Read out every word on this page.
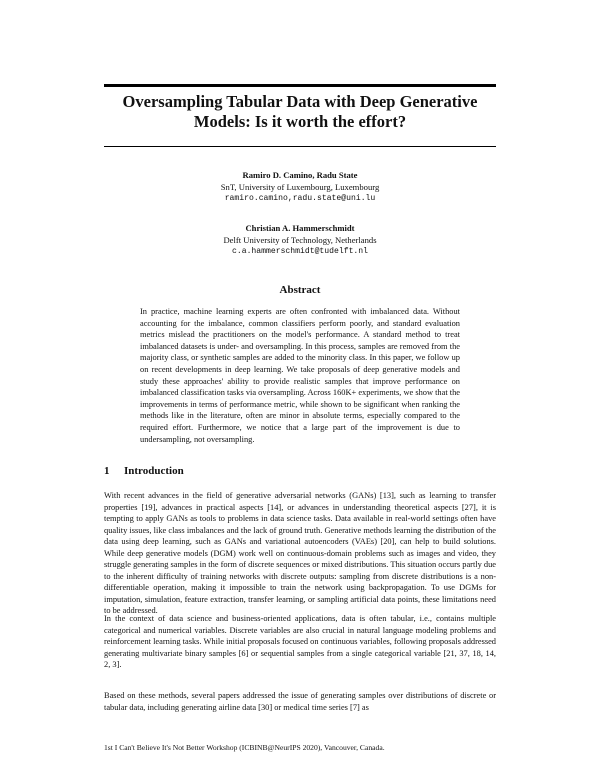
Oversampling Tabular Data with Deep Generative
Models: Is it worth the effort?
Ramiro D. Camino, Radu State
SnT, University of Luxembourg, Luxembourg
ramiro.camino,radu.state@uni.lu
Christian A. Hammerschmidt
Delft University of Technology, Netherlands
c.a.hammerschmidt@tudelft.nl
Abstract

In practice, machine learning experts are often confronted with imbalanced data. Without accounting for the imbalance, common classifiers perform poorly, and standard evaluation metrics mislead the practitioners on the model's performance. A standard method to treat imbalanced datasets is under- and oversampling. In this process, samples are removed from the majority class, or synthetic samples are added to the minority class. In this paper, we follow up on recent developments in deep learning. We take proposals of deep generative models and study these approaches' ability to provide realistic samples that improve performance on imbalanced classification tasks via oversampling. Across 160K+ experiments, we show that the improvements in terms of performance metric, while shown to be significant when ranking the methods like in the literature, often are minor in absolute terms, especially compared to the required effort. Furthermore, we notice that a large part of the improvement is due to undersampling, not oversampling.

1 Introduction

With recent advances in the field of generative adversarial networks (GANs) [13], such as learning to transfer properties [19], advances in practical aspects [14], or advances in understanding theoretical aspects [27], it is tempting to apply GANs as tools to problems in data science tasks. Data available in real-world settings often have quality issues, like class imbalances and the lack of ground truth. Generative methods learning the distribution of the data using deep learning, such as GANs and variational autoencoders (VAEs) [20], can help to build solutions. While deep generative models (DGM) work well on continuous-domain problems such as images and video, they struggle generating samples in the form of discrete sequences or mixed distributions. This situation occurs partly due to the inherent difficulty of training networks with discrete outputs: sampling from discrete distributions is a non-differentiable operation, making it impossible to train the network using backpropagation. To use DGMs for imputation, simulation, feature extraction, transfer learning, or sampling artificial data points, these limitations need to be addressed.

In the context of data science and business-oriented applications, data is often tabular, i.e., contains multiple categorical and numerical variables. Discrete variables are also crucial in natural language modeling problems and reinforcement learning tasks. While initial proposals focused on continuous variables, following proposals addressed generating multivariate binary samples [6] or sequential samples from a single categorical variable [21, 37, 18, 14, 2, 3].

Based on these methods, several papers addressed the issue of generating samples over distributions of discrete or tabular data, including generating airline data [30] or medical time series [7] as

1st I Can't Believe It's Not Better Workshop (ICBINB@NeurIPS 2020), Vancouver, Canada.
